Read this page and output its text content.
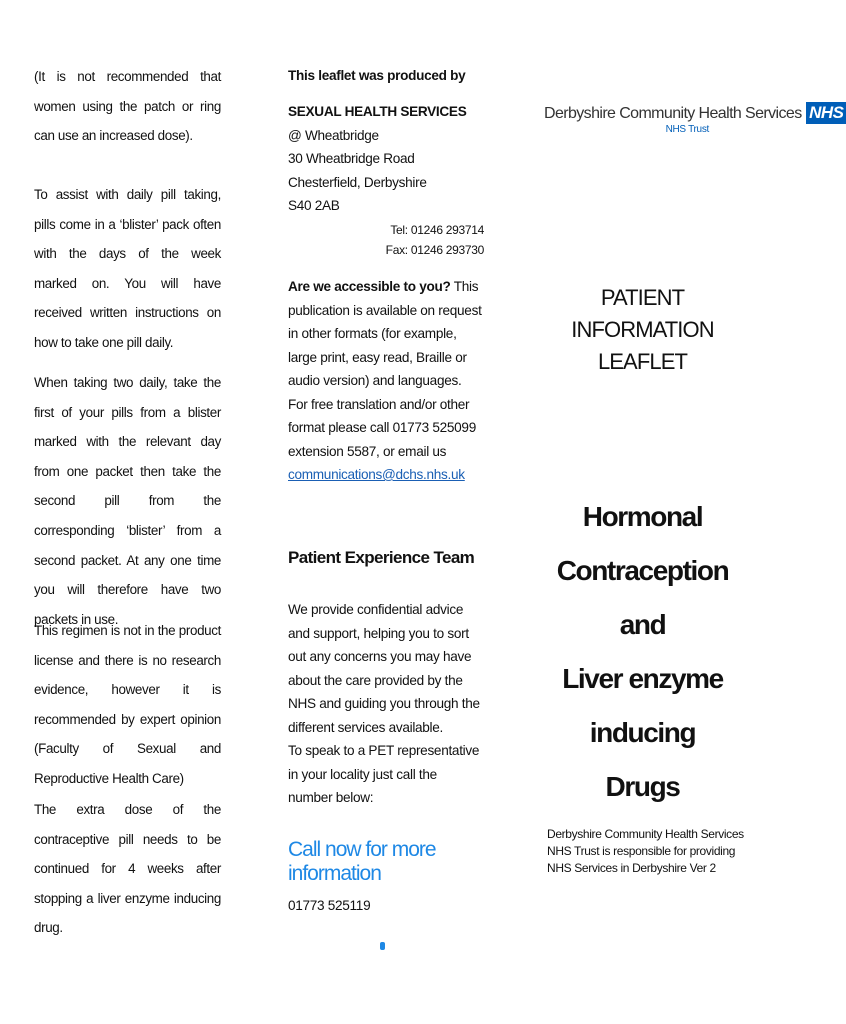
(It is not recommended that women using the patch or ring can use an increased dose).

To assist with daily pill taking, pills come in a ‘blister’ pack often with the days of the week marked on. You will have received written instructions on how to take one pill daily.

When taking two daily, take the first of your pills from a blister marked with the relevant day from one packet then take the second pill from the corresponding ‘blister’ from a second packet. At any one time you will therefore have two packets in use.

This regimen is not in the product license and there is no research evidence, however it is recommended by expert opinion (Faculty of Sexual and Reproductive Health Care)

The extra dose of the contraceptive pill needs to be continued for 4 weeks after stopping a liver enzyme inducing drug.

This leaflet was produced by
SEXUAL HEALTH SERVICES
@ Wheatbridge
30 Wheatbridge Road
Chesterfield, Derbyshire
S40 2AB
Tel: 01246 293714
Fax: 01246 293730
Are we accessible to you? This publication is available on request in other formats (for example, large print, easy read, Braille or audio version) and languages. For free translation and/or other format please call 01773 525099 extension 5587, or email us communications@dchs.nhs.uk
Patient Experience Team
We provide confidential advice and support, helping you to sort out any concerns you may have about the care provided by the NHS and guiding you through the different services available.
To speak to a PET representative in your locality just call the number below:
Call now for more information
01773 525119
Derbyshire Community Health Services NHS
NHS Trust
PATIENT INFORMATION
LEAFLET
Hormonal
Contraception and
Liver enzyme inducing
Drugs
Derbyshire Community Health Services NHS Trust is responsible for providing NHS Services in Derbyshire Ver 2
